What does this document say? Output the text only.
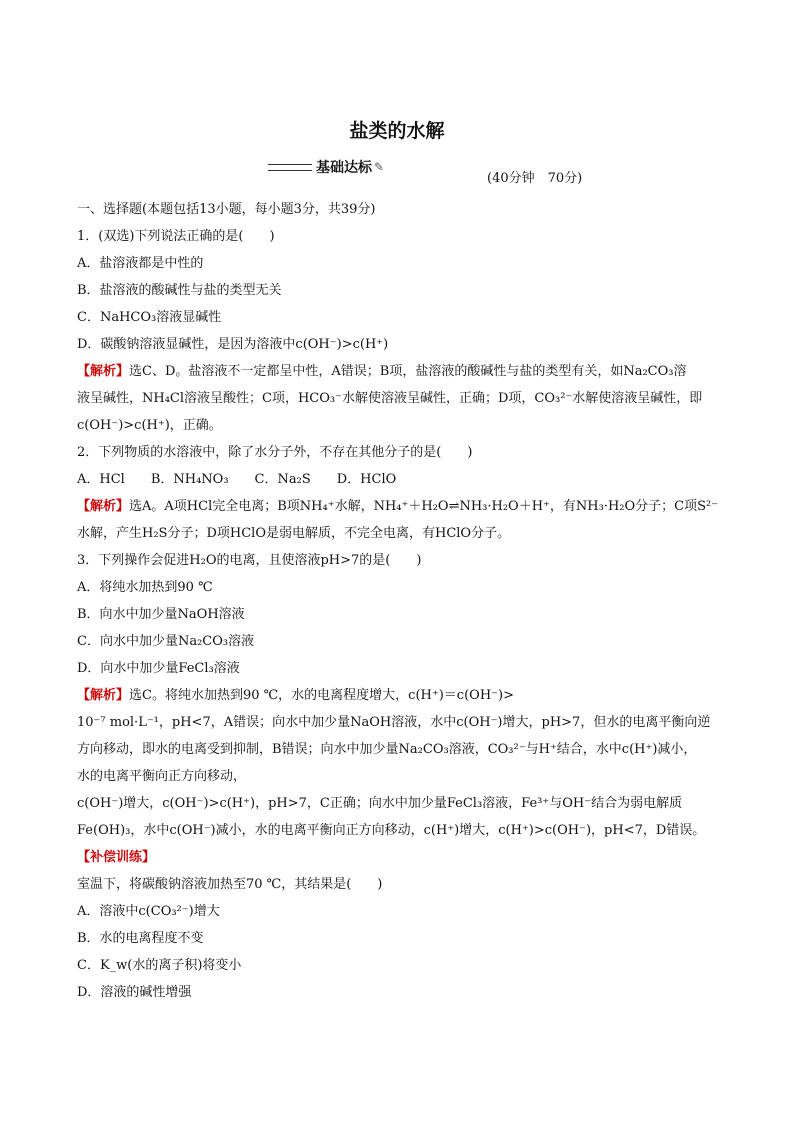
盐类的水解
基础达标 ✎
(40分钟　70分)
一、选择题(本题包括13小题，每小题3分，共39分)
1．(双选)下列说法正确的是(　　)
A．盐溶液都是中性的
B．盐溶液的酸碱性与盐的类型无关
C．NaHCO₃溶液显碱性
D．碳酸钠溶液显碱性，是因为溶液中c(OH⁻)>c(H⁺)
【解析】选C、D。盐溶液不一定都呈中性，A错误；B项，盐溶液的酸碱性与盐的类型有关，如Na₂CO₃溶
液呈碱性，NH₄Cl溶液呈酸性；C项，HCO₃⁻水解使溶液呈碱性，正确；D项，CO₃²⁻水解使溶液呈碱性，即
c(OH⁻)>c(H⁺)，正确。
2．下列物质的水溶液中，除了水分子外，不存在其他分子的是(　　)
A．HCl　　B．NH₄NO₃　　C．Na₂S　　D．HClO
【解析】选A。A项HCl完全电离；B项NH₄⁺水解，NH₄⁺＋H₂O⇌NH₃·H₂O＋H⁺，有NH₃·H₂O分子；C项S²⁻
水解，产生H₂S分子；D项HClO是弱电解质，不完全电离，有HClO分子。
3．下列操作会促进H₂O的电离，且使溶液pH>7的是(　　)
A．将纯水加热到90 ℃
B．向水中加少量NaOH溶液
C．向水中加少量Na₂CO₃溶液
D．向水中加少量FeCl₃溶液
【解析】选C。将纯水加热到90 ℃，水的电离程度增大，c(H⁺)＝c(OH⁻)>
10⁻⁷ mol·L⁻¹，pH<7，A错误；向水中加少量NaOH溶液，水中c(OH⁻)增大，pH>7，但水的电离平衡向逆
方向移动，即水的电离受到抑制，B错误；向水中加少量Na₂CO₃溶液，CO₃²⁻与H⁺结合，水中c(H⁺)减小，
水的电离平衡向正方向移动，
c(OH⁻)增大，c(OH⁻)>c(H⁺)，pH>7，C正确；向水中加少量FeCl₃溶液，Fe³⁺与OH⁻结合为弱电解质
Fe(OH)₃，水中c(OH⁻)减小，水的电离平衡向正方向移动，c(H⁺)增大，c(H⁺)>c(OH⁻)，pH<7，D错误。
【补偿训练】
室温下，将碳酸钠溶液加热至70 ℃，其结果是(　　)
A．溶液中c(CO₃²⁻)增大
B．水的电离程度不变
C．K_w(水的离子积)将变小
D．溶液的碱性增强
